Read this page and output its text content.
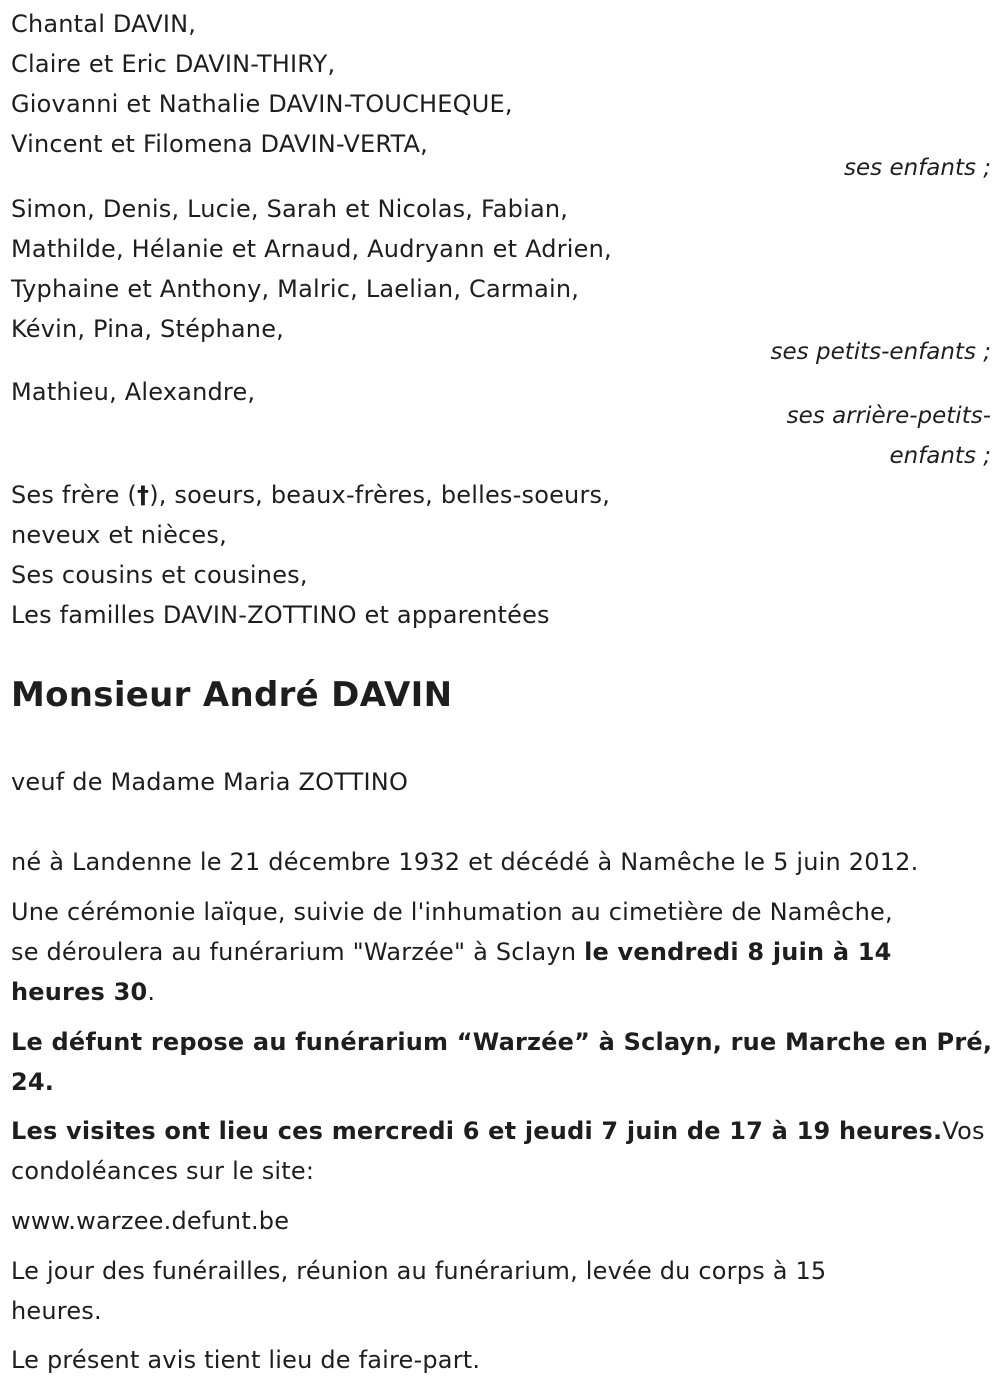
Chantal DAVIN,
Claire et Eric DAVIN-THIRY,
Giovanni et Nathalie DAVIN-TOUCHEQUE,
Vincent et Filomena DAVIN-VERTA,
ses enfants ;
Simon, Denis, Lucie, Sarah et Nicolas, Fabian,
Mathilde, Hélanie et Arnaud, Audryann et Adrien,
Typhaine et Anthony, Malric, Laelian, Carmain,
Kévin, Pina, Stéphane,
ses petits-enfants ;
Mathieu, Alexandre,
ses arrière-petits-
enfants ;
Ses frère (†), soeurs, beaux-frères, belles-soeurs,
neveux et nièces,
Ses cousins et cousines,
Les familles DAVIN-ZOTTINO et apparentées
Monsieur André DAVIN
veuf de Madame Maria ZOTTINO
né à Landenne le 21 décembre 1932 et décédé à Namêche le 5 juin 2012.
Une cérémonie laïque, suivie de l'inhumation au cimetière de Namêche,
se déroulera au funérarium "Warzée" à Sclayn le vendredi 8 juin à 14
heures 30.
Le défunt repose au funérarium “Warzée” à Sclayn, rue Marche en Pré,
24.
Les visites ont lieu ces mercredi 6 et jeudi 7 juin de 17 à 19 heures.Vos
condoléances sur le site:
www.warzee.defunt.be
Le jour des funérailles, réunion au funérarium, levée du corps à 15
heures.
Le présent avis tient lieu de faire-part.
